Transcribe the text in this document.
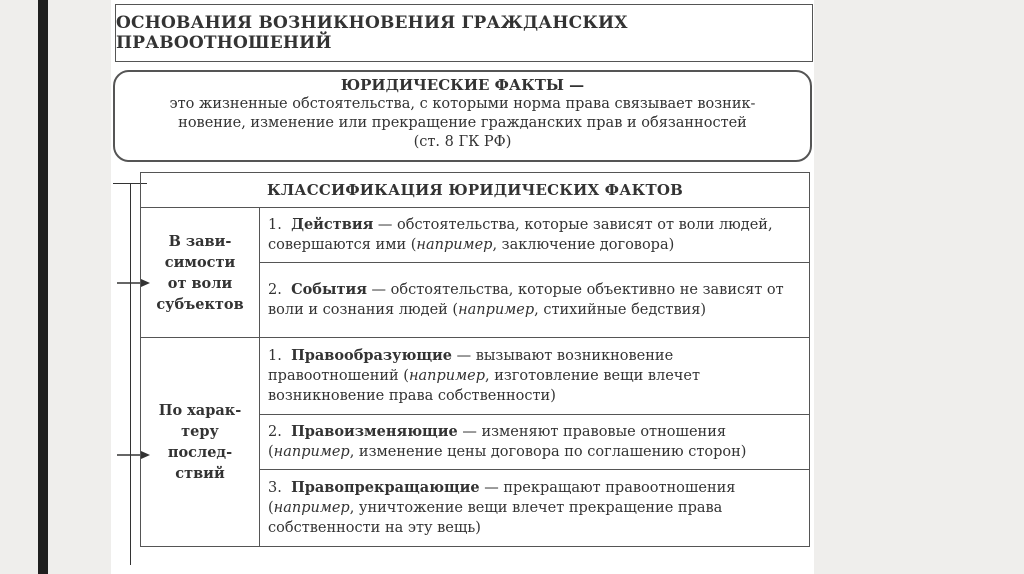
ОСНОВАНИЯ ВОЗНИКНОВЕНИЯ ГРАЖДАНСКИХ ПРАВООТНОШЕНИЙ
ЮРИДИЧЕСКИЕ ФАКТЫ —
это жизненные обстоятельства, с которыми норма права связывает возник-
новение, изменение или прекращение гражданских прав и обязанностей
(ст. 8 ГК РФ)
КЛАССИФИКАЦИЯ ЮРИДИЧЕСКИХ ФАКТОВ	
В зави-
симости
от воли
субъектов	1. Действия — обстоятельства, которые зависят от воли людей, совершаются ими (например, заключение договора)
	2. События — обстоятельства, которые объективно не зависят от воли и сознания людей (например, стихийные бедствия)
По харак-
теру
послед-
ствий	1. Правообразующие — вызывают возникновение правоотношений (например, изготовление вещи влечет возникновение права собственности)
	2. Правоизменяющие — изменяют правовые отношения (например, изменение цены договора по соглашению сторон)
	3. Правопрекращающие — прекращают правоотношения (например, уничтожение вещи влечет прекращение права собственности на эту вещь)
